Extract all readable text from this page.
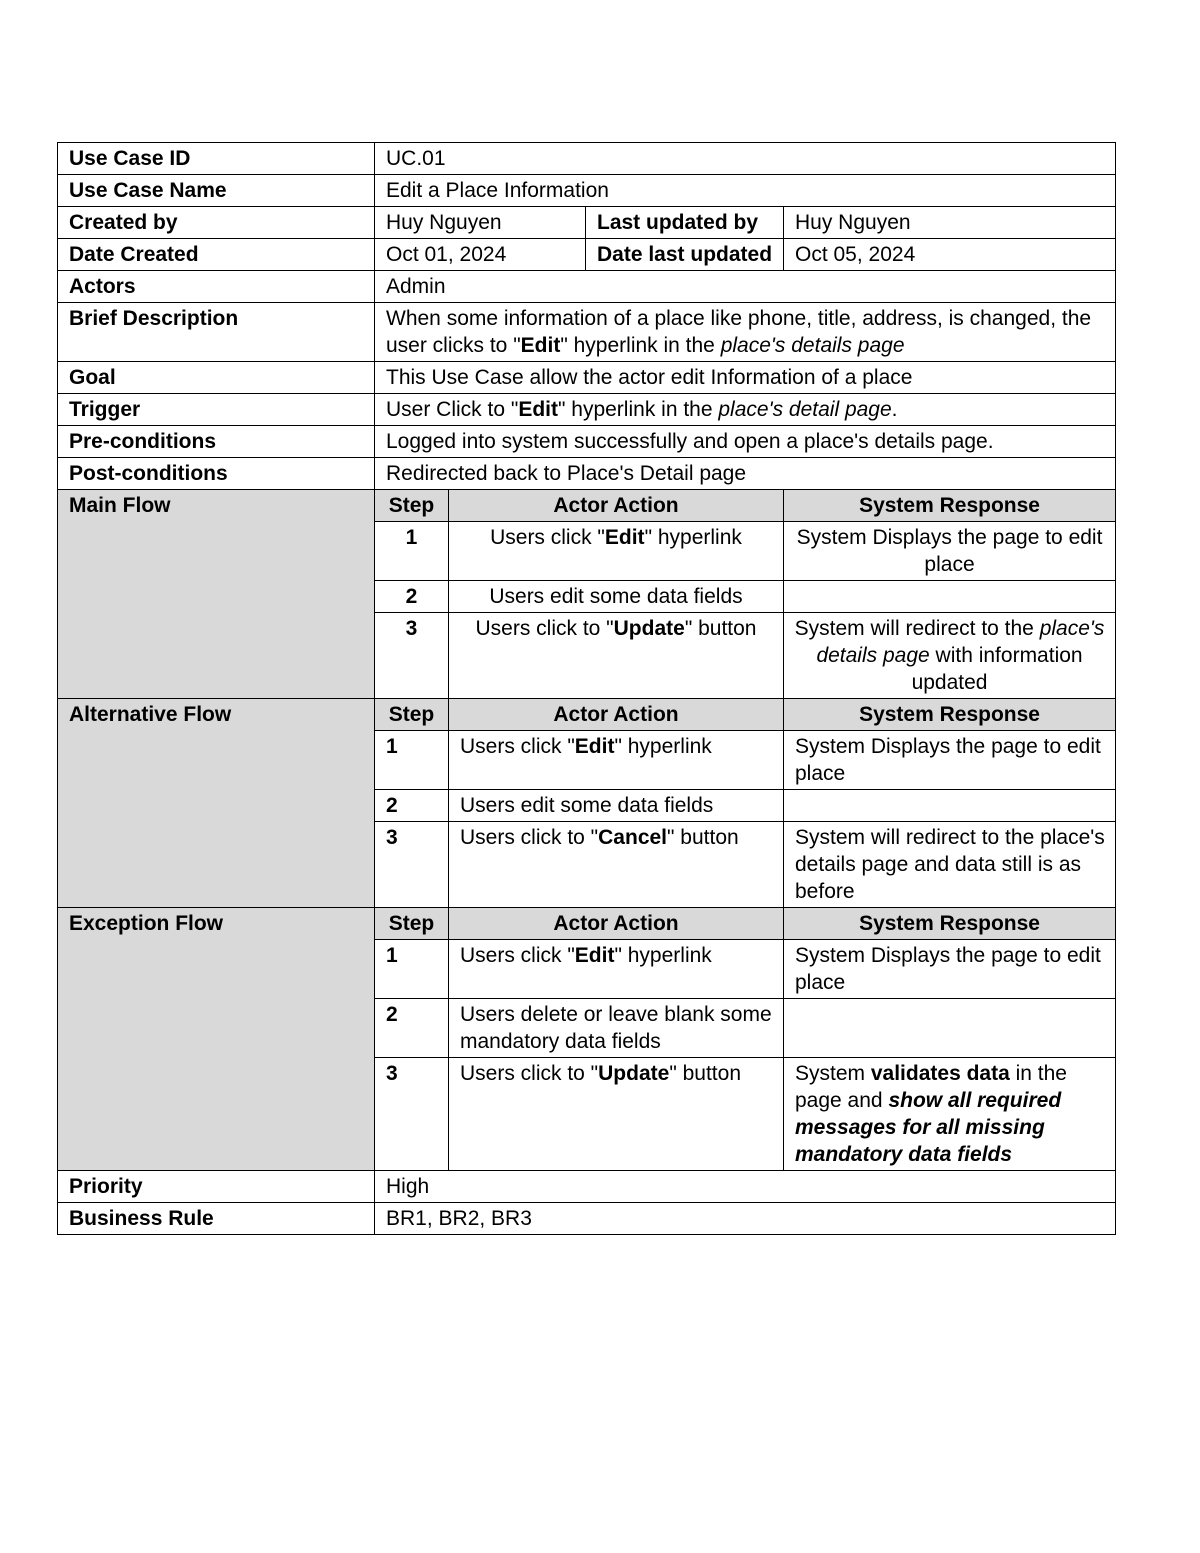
Use Case ID	UC.01			
Use Case Name	Edit a Place Information			
Created by	Huy Nguyen		Last updated by	Huy Nguyen
Date Created	Oct 01, 2024		Date last updated	Oct 05, 2024
Actors	Admin			
Brief Description	When some information of a place like phone, title, address, is changed, the user clicks to "Edit" hyperlink in the place's details page			
Goal	This Use Case allow the actor edit Information of a place			
Trigger	User Click to "Edit" hyperlink in the place's detail page.			
Pre-conditions	Logged into system successfully and open a place's details page.			
Post-conditions	Redirected back to Place's Detail page			
Main Flow	Step	Actor Action		System Response
	1	Users click "Edit" hyperlink		System Displays the page to edit place
	2	Users edit some data fields		
	3	Users click to "Update" button		System will redirect to the place's details page with information updated
Alternative Flow	Step	Actor Action		System Response
	1	Users click "Edit" hyperlink		System Displays the page to edit place
	2	Users edit some data fields		
	3	Users click to "Cancel" button		System will redirect to the place's details page and data still is as before
Exception Flow	Step	Actor Action		System Response
	1	Users click "Edit" hyperlink		System Displays the page to edit place
	2	Users delete or leave blank some mandatory data fields		
	3	Users click to "Update" button		System validates data in the page and show all required messages for all missing mandatory data fields
Priority	High			
Business Rule	BR1, BR2, BR3			
